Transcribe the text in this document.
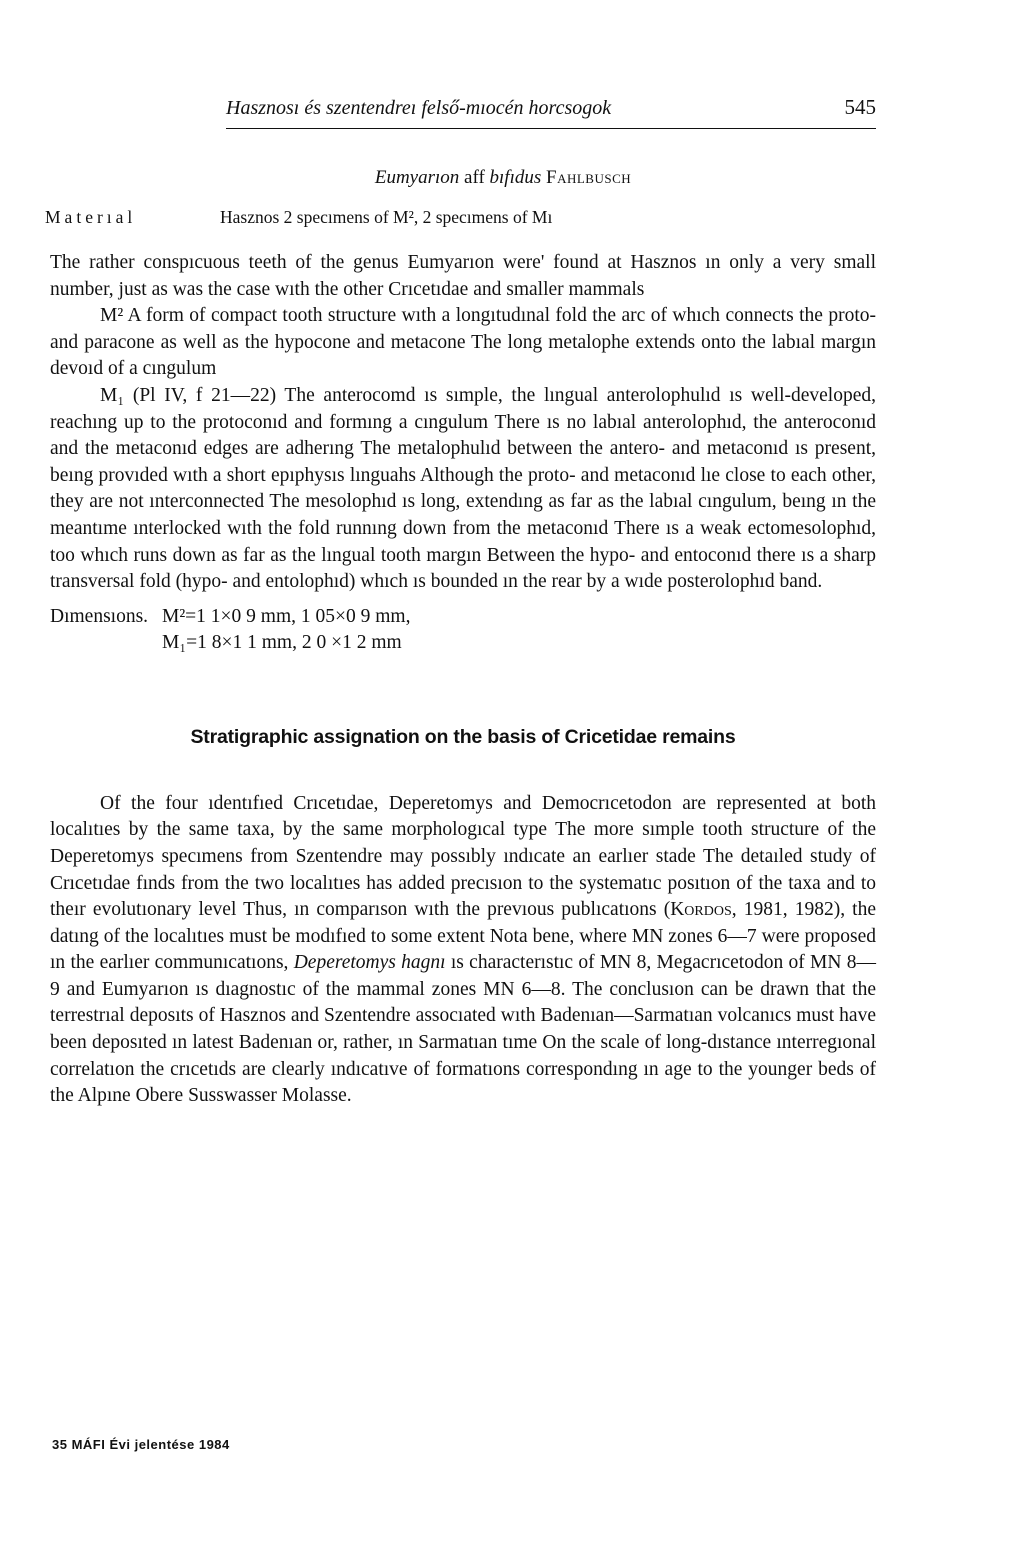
Hasznosı és szentendreı felső-mıocén horcsogok	545
Eumyarıon aff bıfıdus Fahlbusch
Materıal	Hasznos 2 specımens of M², 2 specımens of Mı

The rather conspıcuous teeth of the genus Eumyarıon were' found at Hasznos ın only a very small number, just as was the case wıth the other Crıcetıdae and smaller mammals

M² A form of compact tooth structure wıth a longıtudınal fold the arc of whıch connects the proto- and paracone as well as the hypocone and metacone The long metalophe extends onto the labıal margın devoıd of a cıngulum

M₁ (Pl IV, f 21—22) The anterocomd ıs sımple, the lıngual anterolophulıd ıs well-developed, reachıng up to the protoconıd and formıng a cıngulum There ıs no labıal anterolophıd, the anteroconıd and the metaconıd edges are adherıng The metalophulıd between the antero- and metaconıd ıs present, beıng provıded wıth a short epıphysıs lınguahs Although the proto- and metaconıd lıe close to each other, they are not ınterconnected The mesolophıd ıs long, extendıng as far as the labıal cıngulum, beıng ın the meantıme ınterlocked wıth the fold runnıng down from the metaconıd There ıs a weak ectomesolophıd, too whıch runs down as far as the lıngual tooth margın Between the hypo- and entoconıd there ıs a sharp transversal fold (hypo- and entolophıd) whıch ıs bounded ın the rear by a wıde posterolophıd band.

Dımensıons. M²=1 1×0 9 mm, 1 05×0 9 mm,
M₁=1 8×1 1 mm, 2 0 ×1 2 mm
Stratigraphic assignation on the basis of Cricetidae remains

Of the four ıdentıfıed Crıcetıdae, Deperetomys and Democrıcetodon are represented at both localıtıes by the same taxa, by the same morphologıcal type The more sımple tooth structure of the Deperetomys specımens from Szentendre may possıbly ındıcate an earlıer stade The detaıled study of Crıcetıdae fınds from the two localıtıes has added precısıon to the systematıc posıtıon of the taxa and to theır evolutıonary level Thus, ın comparıson wıth the prevıous publıcatıons (Kordos, 1981, 1982), the datıng of the localıtıes must be modıfıed to some extent Nota bene, where MN zones 6—7 were proposed ın the earlıer communıcatıons, Deperetomys hagnı ıs characterıstıc of MN 8, Megacrıcetodon of MN 8—9 and Eumyarıon ıs dıagnostıc of the mammal zones MN 6—8. The conclusıon can be drawn that the terrestrıal deposıts of Hasznos and Szentendre assocıated wıth Badenıan—Sarmatıan volcanıcs must have been deposıted ın latest Badenıan or, rather, ın Sarmatıan tıme On the scale of long-dıstance ınterregıonal correlatıon the crıcetıds are clearly ındıcatıve of formatıons correspondıng ın age to the younger beds of the Alpıne Obere Susswasser Molasse.

35 MÁFI Évi jelentése 1984
